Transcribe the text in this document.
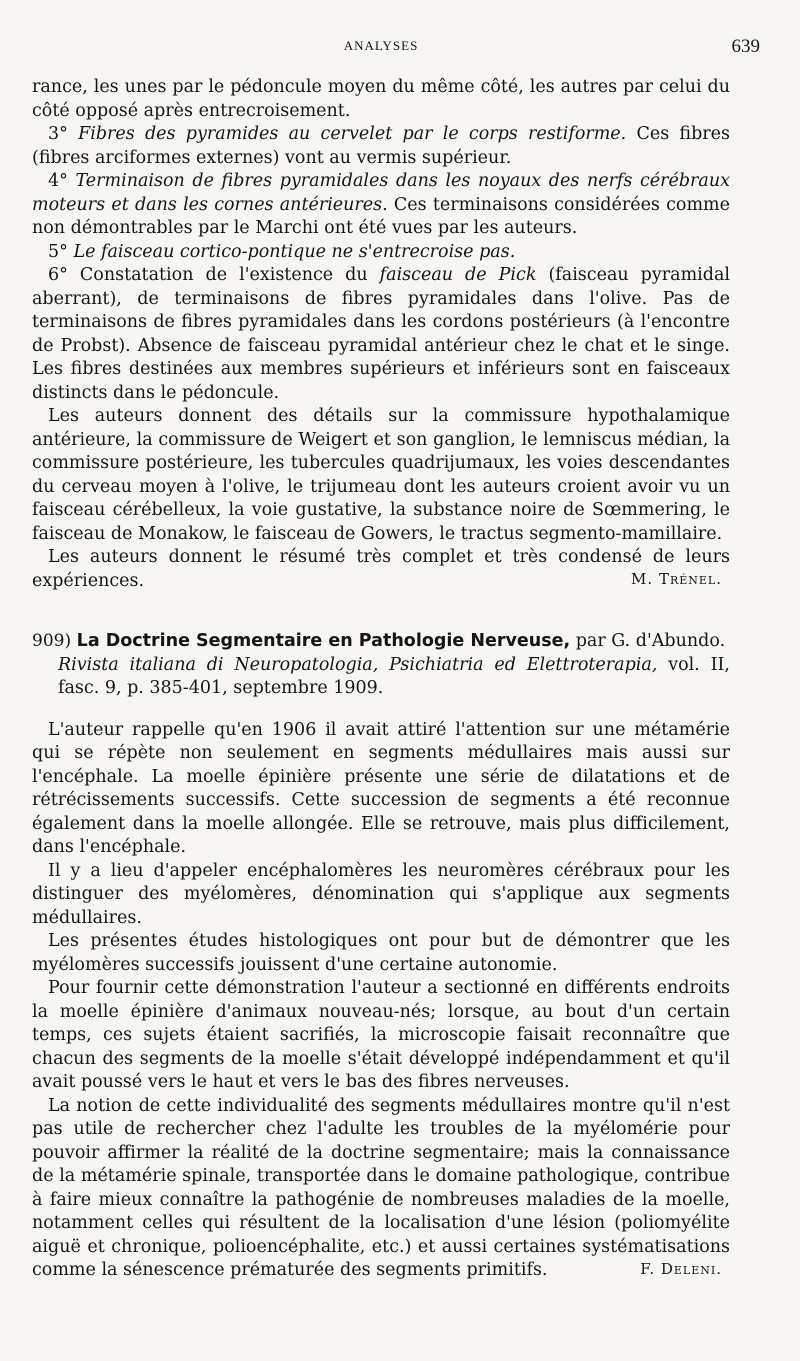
ANALYSES	639

rance, les unes par le pédoncule moyen du même côté, les autres par celui du côté opposé après entrecroisement.

3° Fibres des pyramides au cervelet par le corps restiforme. Ces fibres (fibres arciformes externes) vont au vermis supérieur.

4° Terminaison de fibres pyramidales dans les noyaux des nerfs cérébraux moteurs et dans les cornes antérieures. Ces terminaisons considérées comme non démontrables par le Marchi ont été vues par les auteurs.

5° Le faisceau cortico-pontique ne s'entrecroise pas.

6° Constatation de l'existence du faisceau de Pick (faisceau pyramidal aberrant), de terminaisons de fibres pyramidales dans l'olive. Pas de terminaisons de fibres pyramidales dans les cordons postérieurs (à l'encontre de Probst). Absence de faisceau pyramidal antérieur chez le chat et le singe. Les fibres destinées aux membres supérieurs et inférieurs sont en faisceaux distincts dans le pédoncule.

Les auteurs donnent des détails sur la commissure hypothalamique antérieure, la commissure de Weigert et son ganglion, le lemniscus médian, la commissure postérieure, les tubercules quadrijumaux, les voies descendantes du cerveau moyen à l'olive, le trijumeau dont les auteurs croient avoir vu un faisceau cérébelleux, la voie gustative, la substance noire de Sœmmering, le faisceau de Monakow, le faisceau de Gowers, le tractus segmento-mamillaire.

Les auteurs donnent le résumé très complet et très condensé de leurs expériences.	M. Trénel.

909) La Doctrine Segmentaire en Pathologie Nerveuse, par G. d'Abundo.

Rivista italiana di Neuropatologia, Psichiatria ed Elettroterapia, vol. II, fasc. 9, p. 385-401, septembre 1909.

L'auteur rappelle qu'en 1906 il avait attiré l'attention sur une métamérie qui se répète non seulement en segments médullaires mais aussi sur l'encéphale. La moelle épinière présente une série de dilatations et de rétrécissements successifs. Cette succession de segments a été reconnue également dans la moelle allongée. Elle se retrouve, mais plus difficilement, dans l'encéphale.

Il y a lieu d'appeler encéphalomères les neuromères cérébraux pour les distinguer des myélomères, dénomination qui s'applique aux segments médullaires.

Les présentes études histologiques ont pour but de démontrer que les myélomères successifs jouissent d'une certaine autonomie.

Pour fournir cette démonstration l'auteur a sectionné en différents endroits la moelle épinière d'animaux nouveau-nés; lorsque, au bout d'un certain temps, ces sujets étaient sacrifiés, la microscopie faisait reconnaître que chacun des segments de la moelle s'était développé indépendamment et qu'il avait poussé vers le haut et vers le bas des fibres nerveuses.

La notion de cette individualité des segments médullaires montre qu'il n'est pas utile de rechercher chez l'adulte les troubles de la myélomérie pour pouvoir affirmer la réalité de la doctrine segmentaire; mais la connaissance de la métamérie spinale, transportée dans le domaine pathologique, contribue à faire mieux connaître la pathogénie de nombreuses maladies de la moelle, notamment celles qui résultent de la localisation d'une lésion (poliomyélite aiguë et chronique, polioencéphalite, etc.) et aussi certaines systématisations comme la sénescence prématurée des segments primitifs.	F. Deleni.
